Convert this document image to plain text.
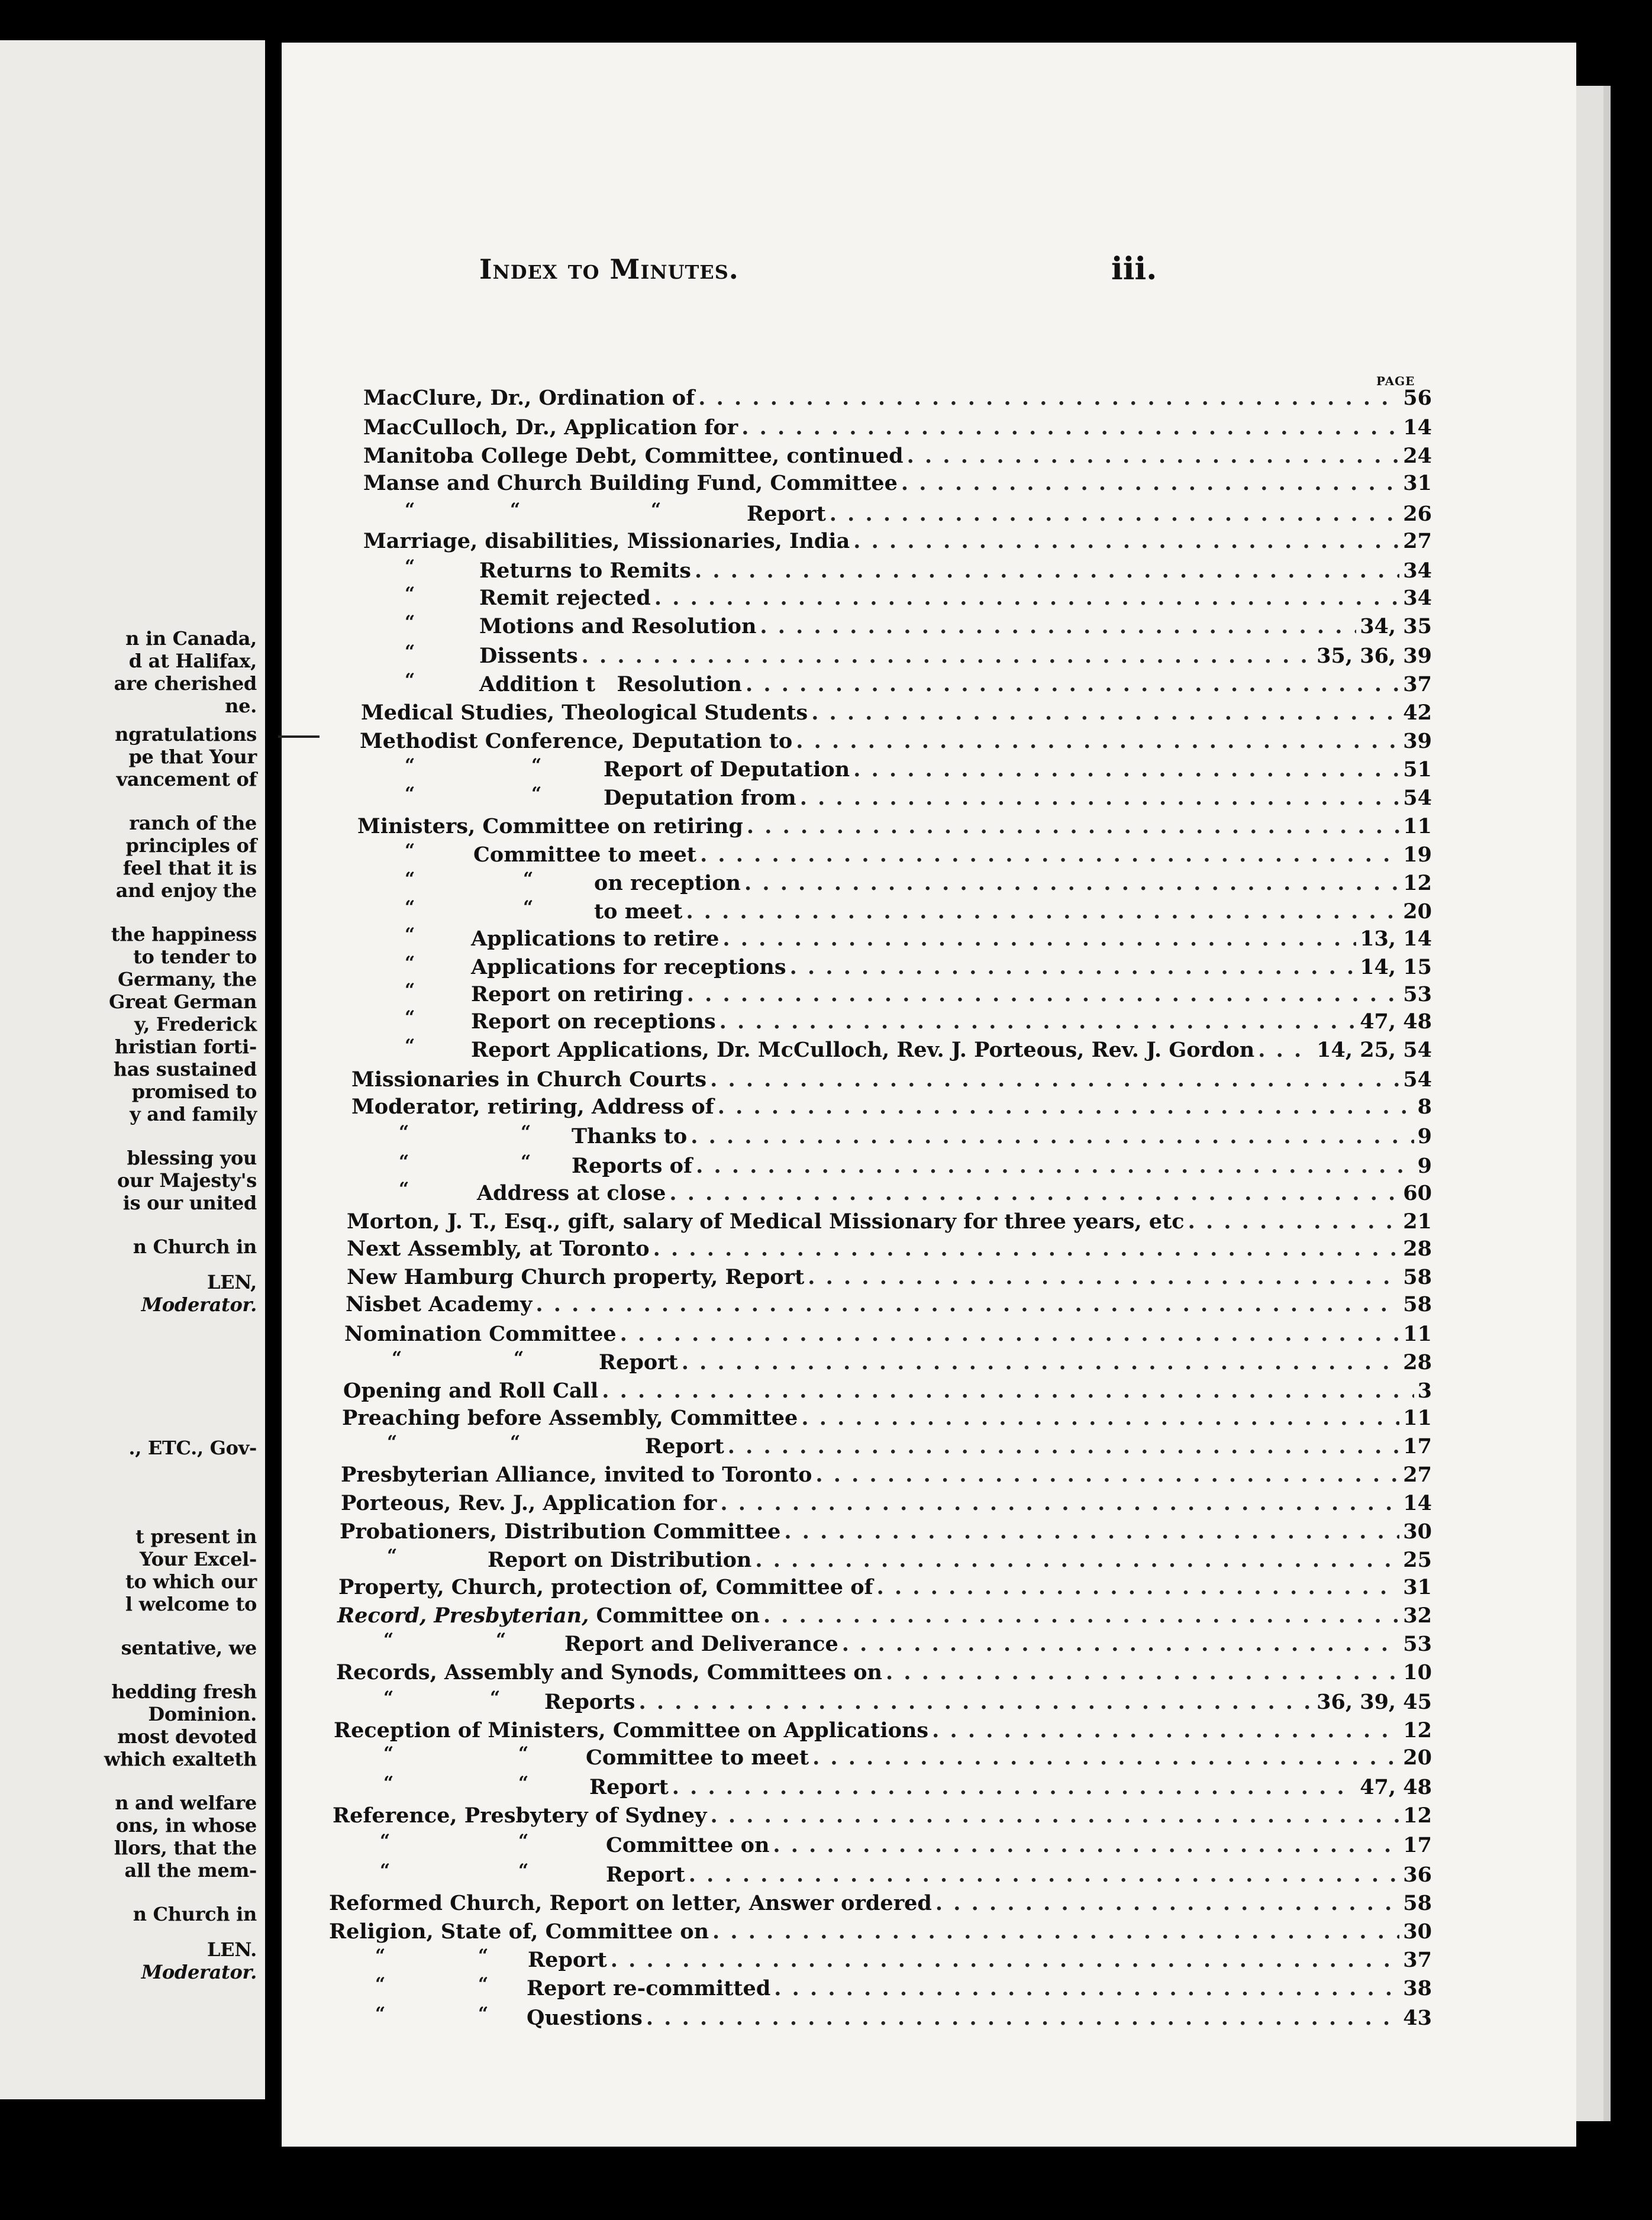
n in Canada,
d at Halifax,
are cherished
ne.
ngratulations
pe that Your
vancement of
ranch of the
principles of
feel that it is
and enjoy the
the happiness
to tender to
Germany, the
Great German
y, Frederick
hristian forti-
has sustained
promised to
y and family
blessing you
our Majesty's
is our united
n Church in
LEN,
Moderator.
., ETC., Gov-
t present in
Your Excel-
to which our
l welcome to
sentative, we
hedding fresh
Dominion.
most devoted
which exalteth
n and welfare
ons, in whose
llors, that the
all the mem-
n Church in
LEN.
Moderator.
Index to Minutes.	iii.
PAGE
MacClure, Dr., Ordination of . . .	56
MacCulloch, Dr., Application for . . .	14
Manitoba College Debt, Committee, continued . . .	24
Manse and Church Building Fund, Committee . . .	31
Report . . .	26
“	“	“
Marriage, disabilities, Missionaries, India . . .	27
Returns to Remits . . .	34
“
Remit rejected . . .	34
“
Motions and Resolution . . .	34, 35
“
Dissents . . .	35, 36, 39
“
Addition t   Resolution . . .	37
“
Medical Studies, Theological Students . . .	42
Methodist Conference, Deputation to . . .	39
Report of Deputation . . .	51
“	“
Deputation from . . .	54
“	“
Ministers, Committee on retiring . . .	11
Committee to meet . . .	19
“
on reception . . .	12
“	“
to meet . . .	20
“	“
Applications to retire . . .	13, 14
“
Applications for receptions . . .	14, 15
“
Report on retiring . . .	53
“
Report on receptions . . .	47, 48
“
Report Applications, Dr. McCulloch, Rev. J. Porteous, Rev. J. Gordon . . .	14, 25, 54
“
Missionaries in Church Courts . . .	54
Moderator, retiring, Address of . . .	8
Thanks to . . .	9
“	“
Reports of . . .	9
“	“
Address at close . . .	60
“
Morton, J. T., Esq., gift, salary of Medical Missionary for three years, etc . . .	21
Next Assembly, at Toronto . . .	28
New Hamburg Church property, Report . . .	58
Nisbet Academy . . .	58
Nomination Committee . . .	11
Report . . .	28
“	“
Opening and Roll Call . . .	3
Preaching before Assembly, Committee . . .	11
Report . . .	17
“	“
Presbyterian Alliance, invited to Toronto . . .	27
Porteous, Rev. J., Application for . . .	14
Probationers, Distribution Committee . . .	30
Report on Distribution . . .	25
“
Property, Church, protection of, Committee of . . .	31
Record, Presbyterian, Committee on . . .	32
Report and Deliverance . . .	53
“	“
Records, Assembly and Synods, Committees on . . .	10
Reports . . .	36, 39, 45
“	“
Reception of Ministers, Committee on Applications . . .	12
Committee to meet . . .	20
“	“
Report . . .	47, 48
“	“
Reference, Presbytery of Sydney . . .	12
Committee on . . .	17
“	“
Report . . .	36
“	“
Reformed Church, Report on letter, Answer ordered . . .	58
Religion, State of, Committee on . . .	30
Report . . .	37
“	“
Report re-committed . . .	38
“	“
Questions . . .	43
“	“
